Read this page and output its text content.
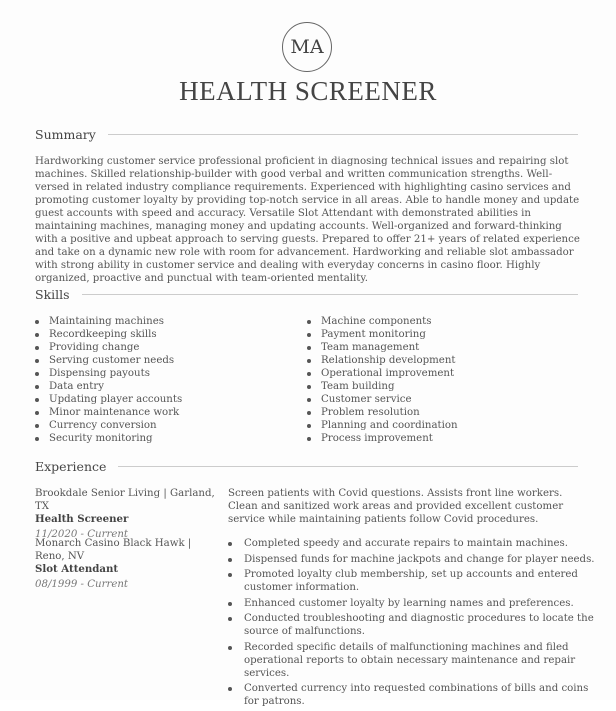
MA
HEALTH SCREENER
Summary
Hardworking customer service professional proficient in diagnosing technical issues and repairing slot machines. Skilled relationship-builder with good verbal and written communication strengths. Well-versed in related industry compliance requirements. Experienced with highlighting casino services and promoting customer loyalty by providing top-notch service in all areas. Able to handle money and update guest accounts with speed and accuracy. Versatile Slot Attendant with demonstrated abilities in maintaining machines, managing money and updating accounts. Well-organized and forward-thinking with a positive and upbeat approach to serving guests. Prepared to offer 21+ years of related experience and take on a dynamic new role with room for advancement. Hardworking and reliable slot ambassador with strong ability in customer service and dealing with everyday concerns in casino floor. Highly organized, proactive and punctual with team-oriented mentality.
Skills
Maintaining machines
Recordkeeping skills
Providing change
Serving customer needs
Dispensing payouts
Data entry
Updating player accounts
Minor maintenance work
Currency conversion
Security monitoring
Machine components
Payment monitoring
Team management
Relationship development
Operational improvement
Team building
Customer service
Problem resolution
Planning and coordination
Process improvement
Experience
Brookdale Senior Living | Garland, TX
Health Screener
11/2020 - Current
Screen patients with Covid questions. Assists front line workers. Clean and sanitized work areas and provided excellent customer service while maintaining patients follow Covid procedures.
Monarch Casino Black Hawk | Reno, NV
Slot Attendant
08/1999 - Current
Completed speedy and accurate repairs to maintain machines.
Dispensed funds for machine jackpots and change for player needs.
Promoted loyalty club membership, set up accounts and entered customer information.
Enhanced customer loyalty by learning names and preferences.
Conducted troubleshooting and diagnostic procedures to locate the source of malfunctions.
Recorded specific details of malfunctioning machines and filed operational reports to obtain necessary maintenance and repair services.
Converted currency into requested combinations of bills and coins for patrons.
